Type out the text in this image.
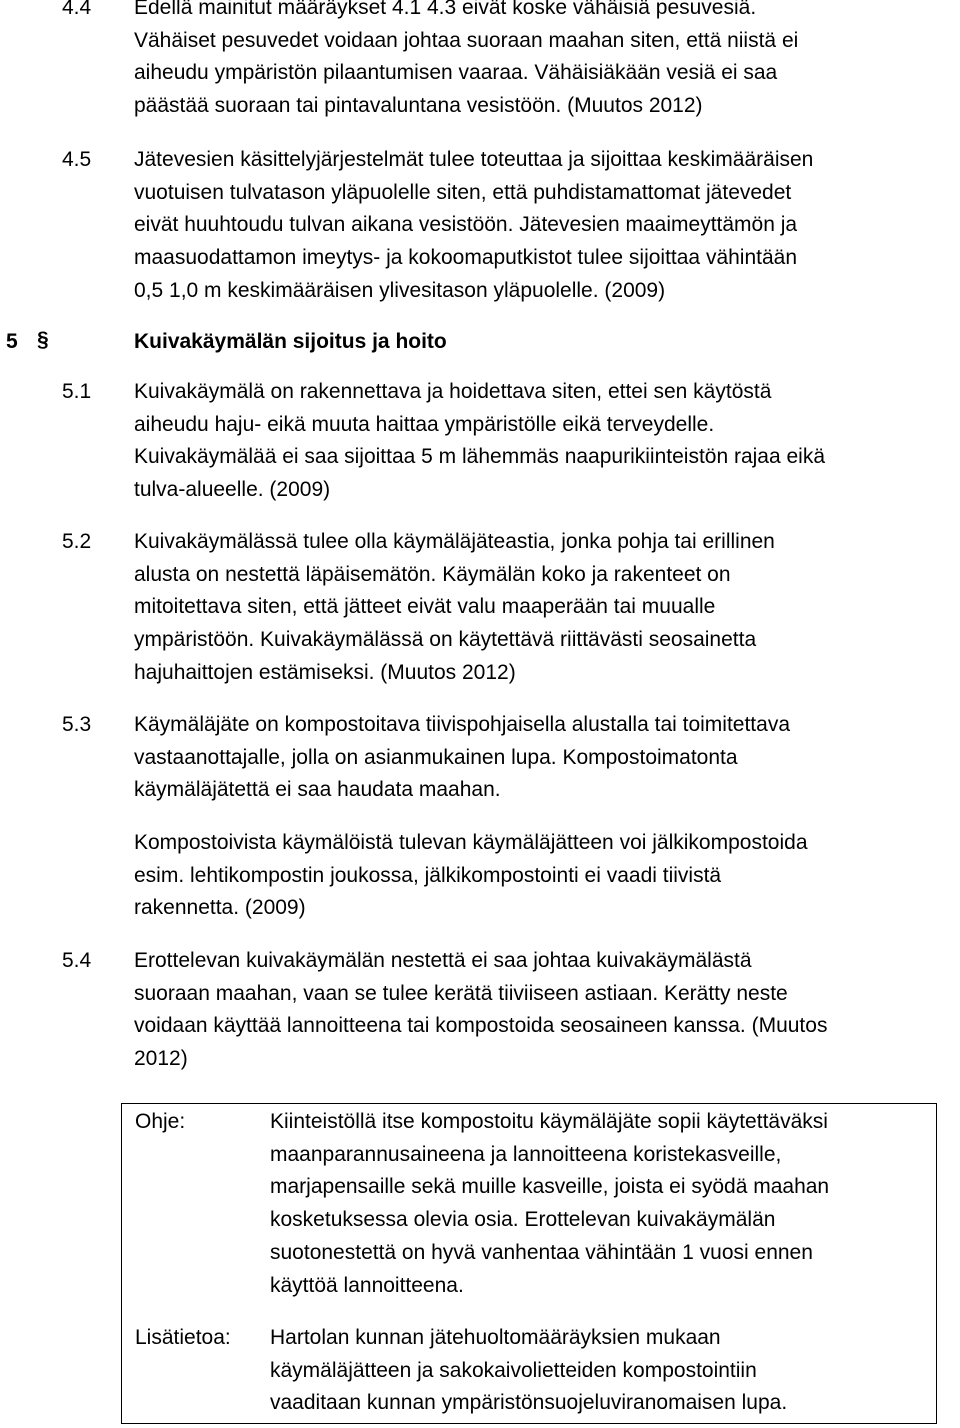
4.4 Edellä mainitut määräykset 4.1 4.3 eivät koske vähäisiä pesuvesiä.
Vähäiset pesuvedet voidaan johtaa suoraan maahan siten, että niistä ei
aiheudu ympäristön pilaantumisen vaaraa. Vähäisiäkään vesiä ei saa
päästää suoraan tai pintavaluntana vesistöön. (Muutos 2012)
4.5 Jätevesien käsittelyjärjestelmät tulee toteuttaa ja sijoittaa keskimääräisen
vuotuisen tulvatason yläpuolelle siten, että puhdistamattomat jätevedet
eivät huuhtoudu tulvan aikana vesistöön. Jätevesien maaimeyttämön ja
maasuodattamon imeytys- ja kokoomaputkistot tulee sijoittaa vähintään
0,5 1,0 m keskimääräisen ylivesitason yläpuolelle. (2009)
5 §	Kuivakäymälän sijoitus ja hoito
5.1 Kuivakäymälä on rakennettava ja hoidettava siten, ettei sen käytöstä
aiheudu haju- eikä muuta haittaa ympäristölle eikä terveydelle.
Kuivakäymälää ei saa sijoittaa 5 m lähemmäs naapurikiinteistön rajaa eikä
tulva-alueelle. (2009)
5.2 Kuivakäymälässä tulee olla käymäläjäteastia, jonka pohja tai erillinen
alusta on nestettä läpäisemätön. Käymälän koko ja rakenteet on
mitoitettava siten, että jätteet eivät valu maaperään tai muualle
ympäristöön. Kuivakäymälässä on käytettävä riittävästi seosainetta
hajuhaittojen estämiseksi. (Muutos 2012)
5.3 Käymäläjäte on kompostoitava tiivispohjaisella alustalla tai toimitettava
vastaanottajalle, jolla on asianmukainen lupa. Kompostoimatonta
käymäläjätettä ei saa haudata maahan.
Kompostoivista käymälöistä tulevan käymäläjätteen voi jälkikompostoida
esim. lehtikompostin joukossa, jälkikompostointi ei vaadi tiivistä
rakennetta. (2009)
5.4 Erottelevan kuivakäymälän nestettä ei saa johtaa kuivakäymälästä
suoraan maahan, vaan se tulee kerätä tiiviiseen astiaan. Kerätty neste
voidaan käyttää lannoitteena tai kompostoida seosaineen kanssa. (Muutos
2012)
Ohje:	Kiinteistöllä itse kompostoitu käymäläjäte sopii käytettäväksi
maanparannusaineena ja lannoitteena koristekasveille,
marjapensaille sekä muille kasveille, joista ei syödä maahan
kosketuksessa olevia osia. Erottelevan kuivakäymälän
suotonestettä on hyvä vanhentaa vähintään 1 vuosi ennen
käyttöä lannoitteena.
Lisätietoa: Hartolan kunnan jätehuoltomääräyksien mukaan
käymäläjätteen ja sakokaivolietteiden kompostointiin
vaaditaan kunnan ympäristönsuojeluviranomaisen lupa.
